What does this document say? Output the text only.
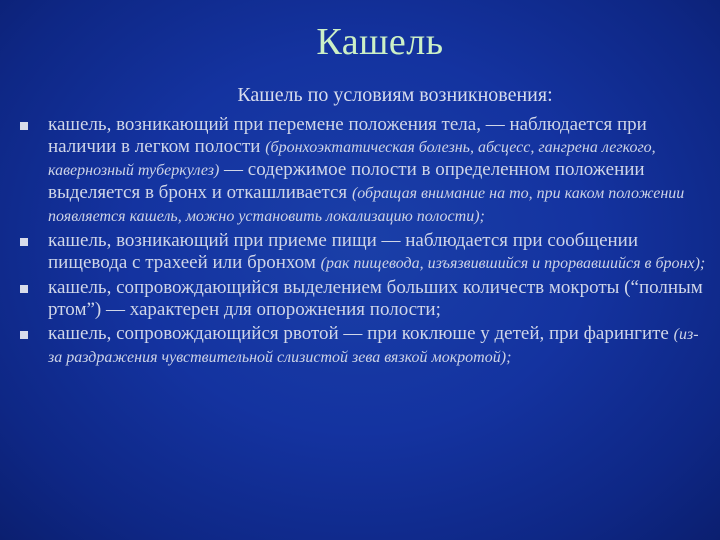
Кашель
Кашель по условиям возникновения:
кашель, возникающий при перемене положения тела, — наблюдается при наличии в легком полости (бронхоэктатическая болезнь, абсцесс, гангрена легкого, кавернозный туберкулез) — содержимое полости в определенном положении выделяется в бронх и откашливается (обращая внимание на то, при каком положении появляется кашель, можно установить локализацию полости);
кашель, возникающий при приеме пищи — наблюдается при сообщении пищевода с трахеей или бронхом (рак пищевода, изъязвившийся и прорвавшийся в бронх);
кашель, сопровождающийся выделением больших количеств мокроты (“полным ртом”) — характерен для опорожнения полости;
кашель, сопровождающийся рвотой — при коклюше у детей, при фарингите (из-за раздражения чувствительной слизистой зева вязкой мокротой);
